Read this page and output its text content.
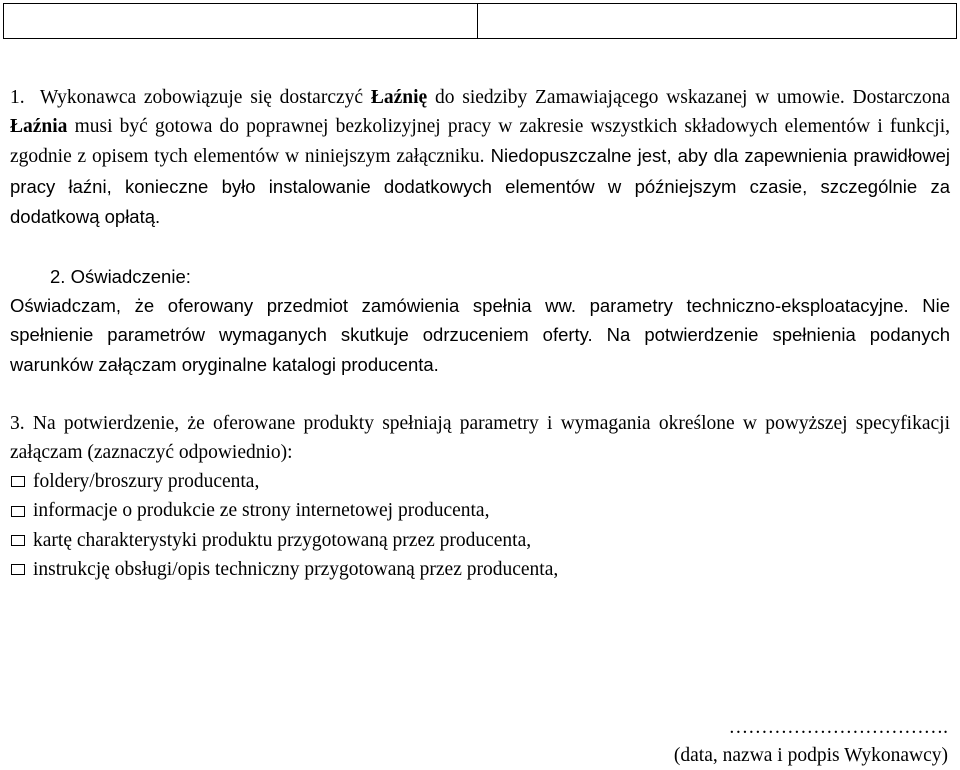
1. Wykonawca zobowiązuje się dostarczyć Łaźnię do siedziby Zamawiającego wskazanej w umowie. Dostarczona Łaźnia musi być gotowa do poprawnej bezkolizyjnej pracy w zakresie wszystkich składowych elementów i funkcji, zgodnie z opisem tych elementów w niniejszym załączniku. Niedopuszczalne jest, aby dla zapewnienia prawidłowej pracy łaźni, konieczne było instalowanie dodatkowych elementów w późniejszym czasie, szczególnie za dodatkową opłatą.

2. Oświadczenie:

Oświadczam, że oferowany przedmiot zamówienia spełnia ww. parametry techniczno-eksploatacyjne. Nie spełnienie parametrów wymaganych skutkuje odrzuceniem oferty. Na potwierdzenie spełnienia podanych warunków załączam oryginalne katalogi producenta.

3. Na potwierdzenie, że oferowane produkty spełniają parametry i wymagania określone w powyższej specyfikacji załączam (zaznaczyć odpowiednio):

foldery/broszury producenta,
informacje o produkcie ze strony internetowej producenta,
kartę charakterystyki produktu przygotowaną przez producenta,
instrukcję obsługi/opis techniczny przygotowaną przez producenta,
…………………………….
(data, nazwa i podpis Wykonawcy)
